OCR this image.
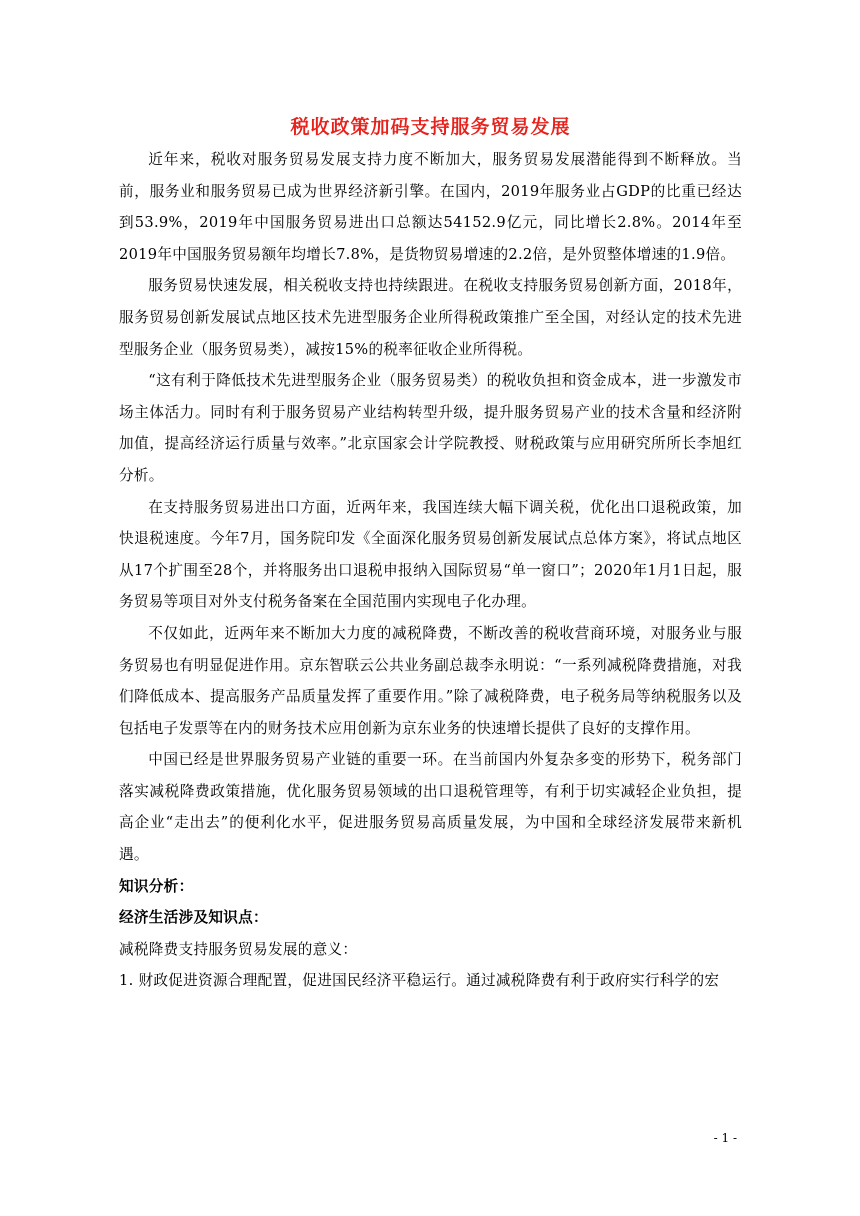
税收政策加码支持服务贸易发展

近年来，税收对服务贸易发展支持力度不断加大，服务贸易发展潜能得到不断释放。当前，服务业和服务贸易已成为世界经济新引擎。在国内，2019年服务业占GDP的比重已经达到53.9%，2019年中国服务贸易进出口总额达54152.9亿元，同比增长2.8%。2014年至2019年中国服务贸易额年均增长7.8%，是货物贸易增速的2.2倍，是外贸整体增速的1.9倍。

服务贸易快速发展，相关税收支持也持续跟进。在税收支持服务贸易创新方面，2018年，服务贸易创新发展试点地区技术先进型服务企业所得税政策推广至全国，对经认定的技术先进型服务企业（服务贸易类），减按15%的税率征收企业所得税。

“这有利于降低技术先进型服务企业（服务贸易类）的税收负担和资金成本，进一步激发市场主体活力。同时有利于服务贸易产业结构转型升级，提升服务贸易产业的技术含量和经济附加值，提高经济运行质量与效率。”北京国家会计学院教授、财税政策与应用研究所所长李旭红分析。

在支持服务贸易进出口方面，近两年来，我国连续大幅下调关税，优化出口退税政策，加快退税速度。今年7月，国务院印发《全面深化服务贸易创新发展试点总体方案》，将试点地区从17个扩围至28个，并将服务出口退税申报纳入国际贸易“单一窗口”；2020年1月1日起，服务贸易等项目对外支付税务备案在全国范围内实现电子化办理。

不仅如此，近两年来不断加大力度的减税降费，不断改善的税收营商环境，对服务业与服务贸易也有明显促进作用。京东智联云公共业务副总裁李永明说：“一系列减税降费措施，对我们降低成本、提高服务产品质量发挥了重要作用。”除了减税降费，电子税务局等纳税服务以及包括电子发票等在内的财务技术应用创新为京东业务的快速增长提供了良好的支撑作用。

中国已经是世界服务贸易产业链的重要一环。在当前国内外复杂多变的形势下，税务部门落实减税降费政策措施，优化服务贸易领域的出口退税管理等，有利于切实减轻企业负担，提高企业“走出去”的便利化水平，促进服务贸易高质量发展，为中国和全球经济发展带来新机遇。

知识分析：

经济生活涉及知识点：

减税降费支持服务贸易发展的意义：

1. 财政促进资源合理配置，促进国民经济平稳运行。通过减税降费有利于政府实行科学的宏

- 1 -
